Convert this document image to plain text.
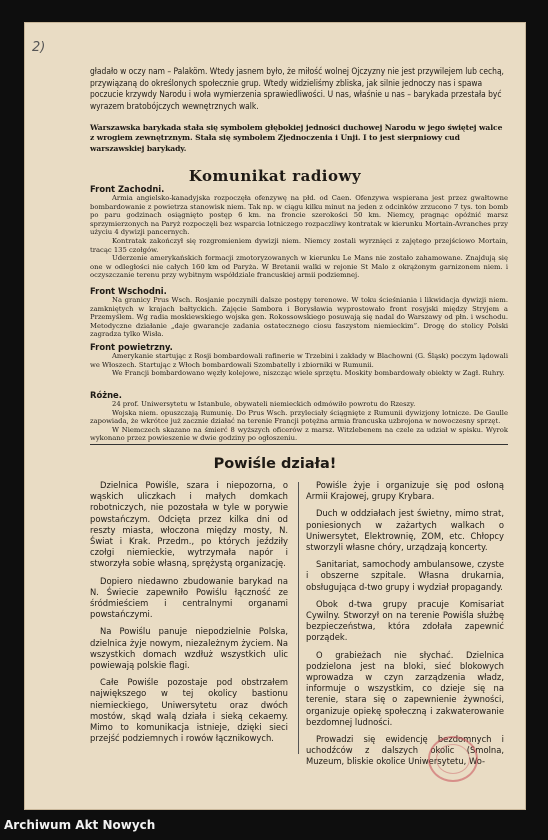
2)
gładało w oczy nam – Palaköm. Wtedy jasnem było, że miłość wolnej Ojczyzny nie jest przywilejem lub cechą, przywiązaną do określonych społecznie grup. Wtedy widzieliśmy zbliska, jak silnie jednoczy nas i spawa poczucie krzywdy Narodu i woła wymierzenia sprawiedliwości. U nas, właśnie u nas – barykada przestała być wyrazem bratobójczych wewnętrznych walk.
Warszawska barykada stała się symbolem głębokiej jedności duchowej Narodu w jego świętej walce z wrogiem zewnętrznym. Stała się symbolem Zjednoczenia i Unji. I to jest sierpniowy cud warszawskiej barykady.
Komunikat radiowy
Front Zachodni.

Armia angielsko-kanadyjska rozpoczęła ofenzywę na płd. od Caen. Ofenzywa wspierana jest przez gwałtowne bombardowanie z powietrza stanowisk niem. Tak np. w ciągu kilku minut na jeden z odcinków zrzucono 7 tys. ton bomb po paru godzinach osiągnięto postęp 6 km. na froncie szerokości 50 km. Niemcy, pragnąc opóźnić marsz sprzymierzonych na Paryż rozpoczęli bez wsparcia lotniczego rozpaczliwy kontratak w kierunku Mortain-Avranches przy użyciu 4 dywizji pancernych.

Kontratak zakończył się rozgromieniem dywizji niem. Niemcy zostali wyrznięci z zajętego przejściowo Mortain, tracąc 135 czołgów.

Uderzenie amerykańskich formacji zmotoryzowanych w kierunku Le Mans nie zostało zahamowane. Znajdują się one w odległości nie całych 160 km od Paryża. W Bretanii walki w rejonie St Malo z okrążonym garnizonem niem. i oczyszczanie terenu przy wybitnym współdziale francuskiej armii podziemnej.

Front Wschodni.

Na granicy Prus Wsch. Rosjanie poczynili dalsze postępy terenowe. W toku ścieśniania i likwidacja dywizji niem. zamkniętych w krajach bałtyckich. Zajęcie Sambora i Borysławia wyprostowało front rosyjski między Stryjem a Przemyślem. Wg radia moskiewskiego wojska gen. Rokossowskiego posuwają się nadal do Warszawy od płn. i wschodu. Metodyczne działanie „daje gwarancje zadania ostatecznego ciosu faszystom niemieckim”. Drogę do stolicy Polski zagradza tylko Wisła.

Front powietrzny.

Amerykanie startując z Rosji bombardowali rafinerie w Trzebini i zakłady w Blachowni (G. Śląsk) poczym lądowali we Włoszech. Startując z Włoch bombardowali Szombatelly i zbiorniki w Rumunii.

We Francji bombardowano węzły kolejowe, niszcząc wiele sprzętu. Moskity bombardowały obiekty w Zagł. Ruhry.

Różne.

24 prof. Uniwersytetu w Istanbule, obywateli niemieckich odmówiło powrotu do Rzeszy.

Wojska niem. opuszczają Rumunię. Do Prus Wsch. przyleciały ściągnięte z Rumunii dywizjony lotnicze. De Gaulle zapowiada, że wkrótce już zacznie działać na terenie Francji potężna armia francuska uzbrojona w nowoczesny sprzęt.

W Niemczech skazano na śmierć 8 wyższych oficerów z marsz. Witzlebenem na czele za udział w spisku. Wyrok wykonano przez powieszenie w dwie godziny po ogłoszeniu.

Powiśle działa!

Dzielnica Powiśle, szara i niepozorna, o wąskich uliczkach i małych domkach robotniczych, nie pozostała w tyle w porywie powstańczym. Odcięta przez kilka dni od reszty miasta, włoczona między mosty, N. Świat i Krak. Przedm., po których jeździły czołgi niemieckie, wytrzymała napór i stworzyła sobie własną, sprężystą organizację.

Dopiero niedawno zbudowanie barykad na N. Świecie zapewniło Powiślu łączność ze śródmieściem i centralnymi organami powstańczymi.

Na Powiślu panuje niepodzielnie Polska, dzielnica żyje nowym, niezależnym życiem. Na wszystkich domach wzdłuż wszystkich ulic powiewają polskie flagi.

Całe Powiśle pozostaje pod obstrzałem największego w tej okolicy bastionu niemieckiego, Uniwersytetu oraz dwóch mostów, skąd walą działa i sieką cekaemy. Mimo to komunikacja istnieje, dzięki sieci przejść podziemnych i rowów łącznikowych.

Powiśle żyje i organizuje się pod osłoną Armii Krajowej, grupy Krybara.

Duch w oddziałach jest świetny, mimo strat, poniesionych w zażartych walkach o Uniwersytet, Elektrownię, ZOM, etc. Chłopcy stworzyli własne chóry, urządzają koncerty.

Sanitariat, samochody ambulansowe, czyste i obszerne szpitale. Własna drukarnia, obsługująca d-two grupy i wydział propagandy.

Obok d-twa grupy pracuje Komisariat Cywilny. Stworzył on na terenie Powiśla służbę bezpieczeństwa, która zdołała zapewnić porządek.

O grabieżach nie słychać. Dzielnica podzielona jest na bloki, sieć blokowych wprowadza w czyn zarządzenia władz, informuje o wszystkim, co dzieje się na terenie, stara się o zapewnienie żywności, organizuje opiekę społeczną i zakwaterowanie bezdomnej ludności.

Prowadzi się ewidencję bezdomnych i uchodźców z dalszych okolic (Smolna, Muzeum, bliskie okolice Uniwersytetu, Wo-

Archiwum Akt Nowych
